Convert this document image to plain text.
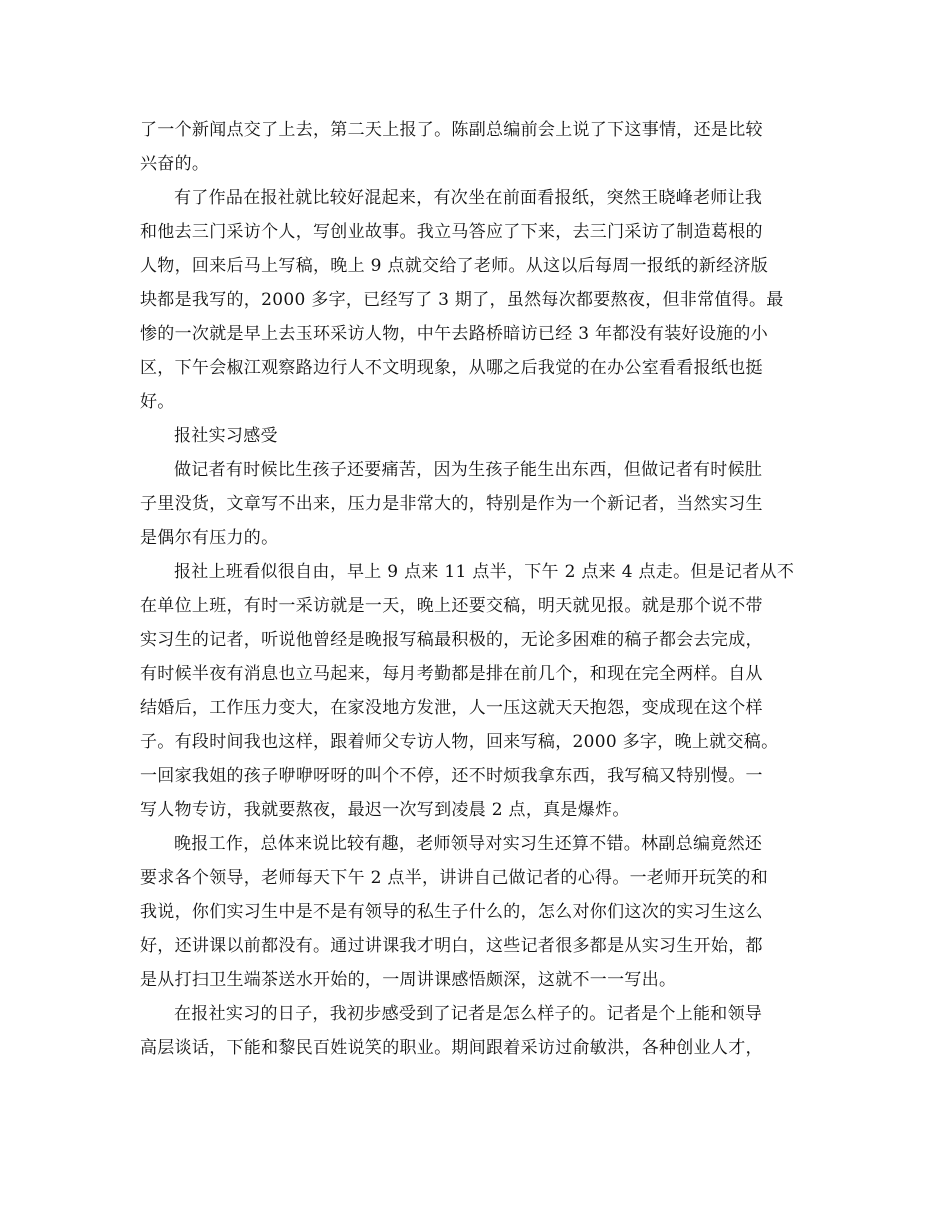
了一个新闻点交了上去，第二天上报了。陈副总编前会上说了下这事情，还是比较
兴奋的。
有了作品在报社就比较好混起来，有次坐在前面看报纸，突然王晓峰老师让我
和他去三门采访个人，写创业故事。我立马答应了下来，去三门采访了制造葛根的
人物，回来后马上写稿，晚上 9 点就交给了老师。从这以后每周一报纸的新经济版
块都是我写的，2000 多字，已经写了 3 期了，虽然每次都要熬夜，但非常值得。最
惨的一次就是早上去玉环采访人物，中午去路桥暗访已经 3 年都没有装好设施的小
区，下午会椒江观察路边行人不文明现象，从哪之后我觉的在办公室看看报纸也挺
好。
报社实习感受
做记者有时候比生孩子还要痛苦，因为生孩子能生出东西，但做记者有时候肚
子里没货，文章写不出来，压力是非常大的，特别是作为一个新记者，当然实习生
是偶尔有压力的。
报社上班看似很自由，早上 9 点来 11 点半，下午 2 点来 4 点走。但是记者从不
在单位上班，有时一采访就是一天，晚上还要交稿，明天就见报。就是那个说不带
实习生的记者，听说他曾经是晚报写稿最积极的，无论多困难的稿子都会去完成，
有时候半夜有消息也立马起来，每月考勤都是排在前几个，和现在完全两样。自从
结婚后，工作压力变大，在家没地方发泄，人一压这就天天抱怨，变成现在这个样
子。有段时间我也这样，跟着师父专访人物，回来写稿，2000 多字，晚上就交稿。
一回家我姐的孩子咿咿呀呀的叫个不停，还不时烦我拿东西，我写稿又特别慢。一
写人物专访，我就要熬夜，最迟一次写到凌晨 2 点，真是爆炸。
晚报工作，总体来说比较有趣，老师领导对实习生还算不错。林副总编竟然还
要求各个领导，老师每天下午 2 点半，讲讲自己做记者的心得。一老师开玩笑的和
我说，你们实习生中是不是有领导的私生子什么的，怎么对你们这次的实习生这么
好，还讲课以前都没有。通过讲课我才明白，这些记者很多都是从实习生开始，都
是从打扫卫生端茶送水开始的，一周讲课感悟颇深，这就不一一写出。
在报社实习的日子，我初步感受到了记者是怎么样子的。记者是个上能和领导
高层谈话，下能和黎民百姓说笑的职业。期间跟着采访过俞敏洪，各种创业人才，
